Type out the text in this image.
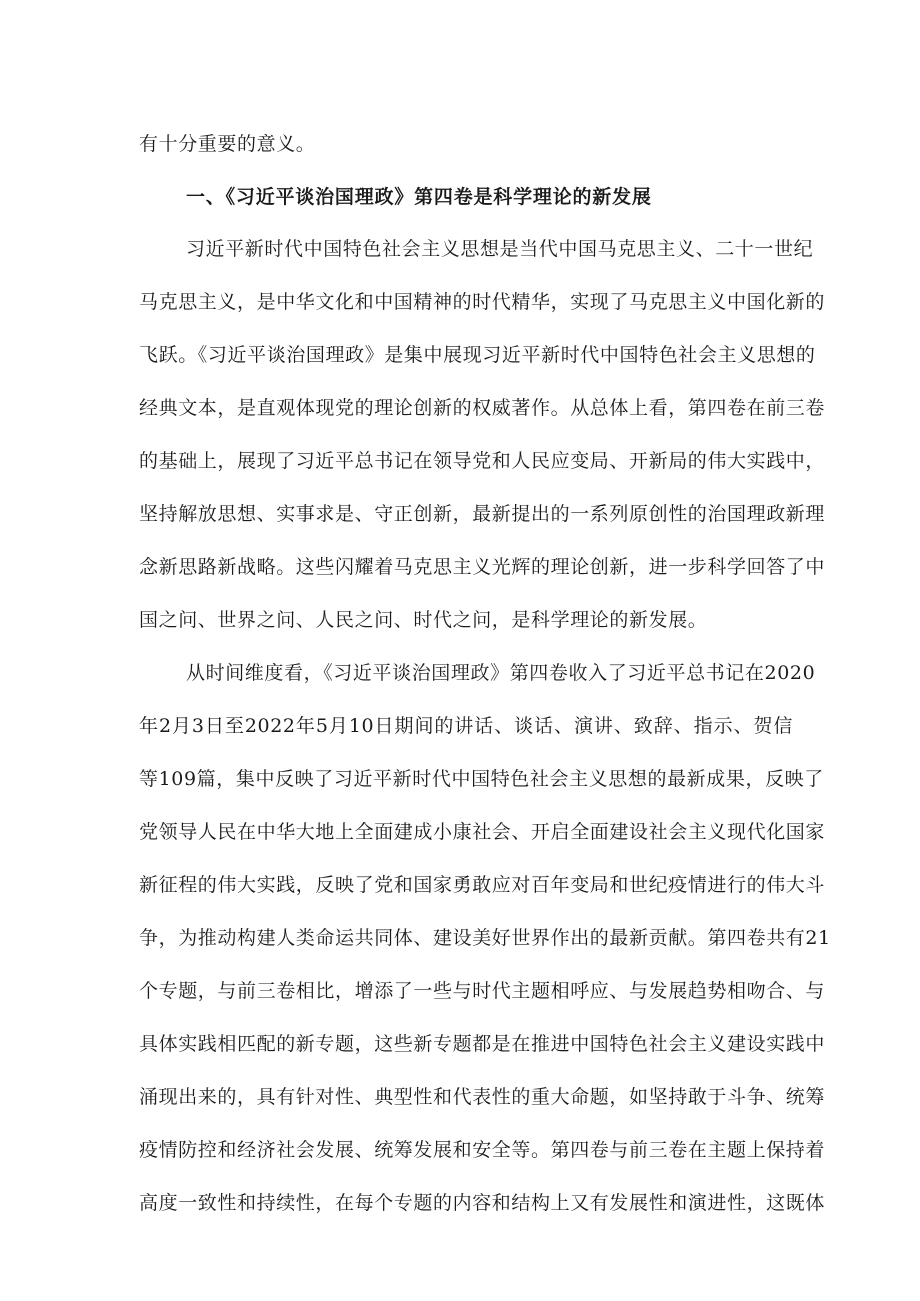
有十分重要的意义。
一、《习近平谈治国理政》第四卷是科学理论的新发展
习近平新时代中国特色社会主义思想是当代中国马克思主义、二十一世纪
马克思主义，是中华文化和中国精神的时代精华，实现了马克思主义中国化新的
飞跃。《习近平谈治国理政》是集中展现习近平新时代中国特色社会主义思想的
经典文本，是直观体现党的理论创新的权威著作。从总体上看，第四卷在前三卷
的基础上，展现了习近平总书记在领导党和人民应变局、开新局的伟大实践中，
坚持解放思想、实事求是、守正创新，最新提出的一系列原创性的治国理政新理
念新思路新战略。这些闪耀着马克思主义光辉的理论创新，进一步科学回答了中
国之问、世界之问、人民之问、时代之问，是科学理论的新发展。
从时间维度看，《习近平谈治国理政》第四卷收入了习近平总书记在2020
年2月3日至2022年5月10日期间的讲话、谈话、演讲、致辞、指示、贺信
等109篇，集中反映了习近平新时代中国特色社会主义思想的最新成果，反映了
党领导人民在中华大地上全面建成小康社会、开启全面建设社会主义现代化国家
新征程的伟大实践，反映了党和国家勇敢应对百年变局和世纪疫情进行的伟大斗
争，为推动构建人类命运共同体、建设美好世界作出的最新贡献。第四卷共有21
个专题，与前三卷相比，增添了一些与时代主题相呼应、与发展趋势相吻合、与
具体实践相匹配的新专题，这些新专题都是在推进中国特色社会主义建设实践中
涌现出来的，具有针对性、典型性和代表性的重大命题，如坚持敢于斗争、统筹
疫情防控和经济社会发展、统筹发展和安全等。第四卷与前三卷在主题上保持着
高度一致性和持续性，在每个专题的内容和结构上又有发展性和演进性，这既体
